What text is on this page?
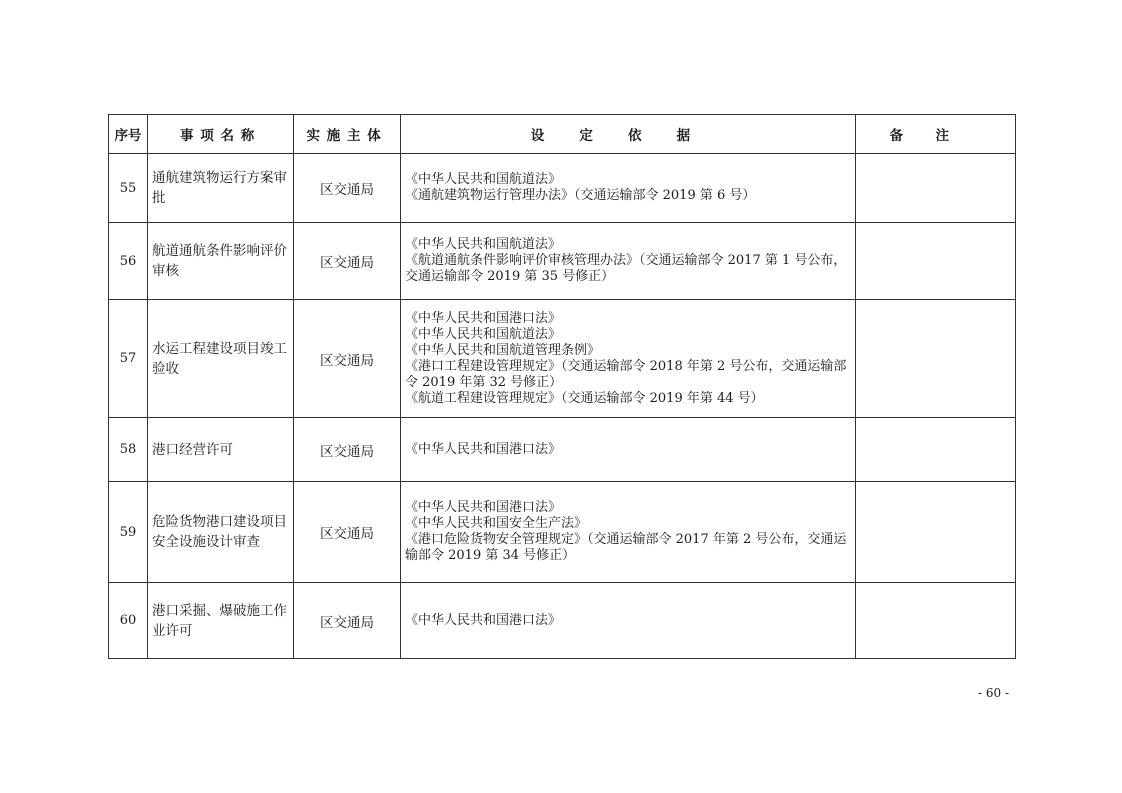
序号	事项名称	实施主体	设定依据	备注
55	通航建筑物运行方案审批	区交通局	《中华人民共和国航道法》
《通航建筑物运行管理办法》（交通运输部令 2019 第 6 号）	

56	航道通航条件影响评价审核	区交通局	《中华人民共和国航道法》
《航道通航条件影响评价审核管理办法》（交通运输部令 2017 第 1 号公布，交通运输部令 2019 第 35 号修正）	

57	水运工程建设项目竣工验收	区交通局	《中华人民共和国港口法》
《中华人民共和国航道法》
《中华人民共和国航道管理条例》
《港口工程建设管理规定》（交通运输部令 2018 年第 2 号公布，交通运输部令 2019 年第 32 号修正）
《航道工程建设管理规定》（交通运输部令 2019 年第 44 号）	

58	港口经营许可	区交通局	《中华人民共和国港口法》	

59	危险货物港口建设项目安全设施设计审查	区交通局	《中华人民共和国港口法》
《中华人民共和国安全生产法》
《港口危险货物安全管理规定》（交通运输部令 2017 年第 2 号公布，交通运输部令 2019 第 34 号修正）	

60	港口采掘、爆破施工作业许可	区交通局	《中华人民共和国港口法》	

- 60 -
